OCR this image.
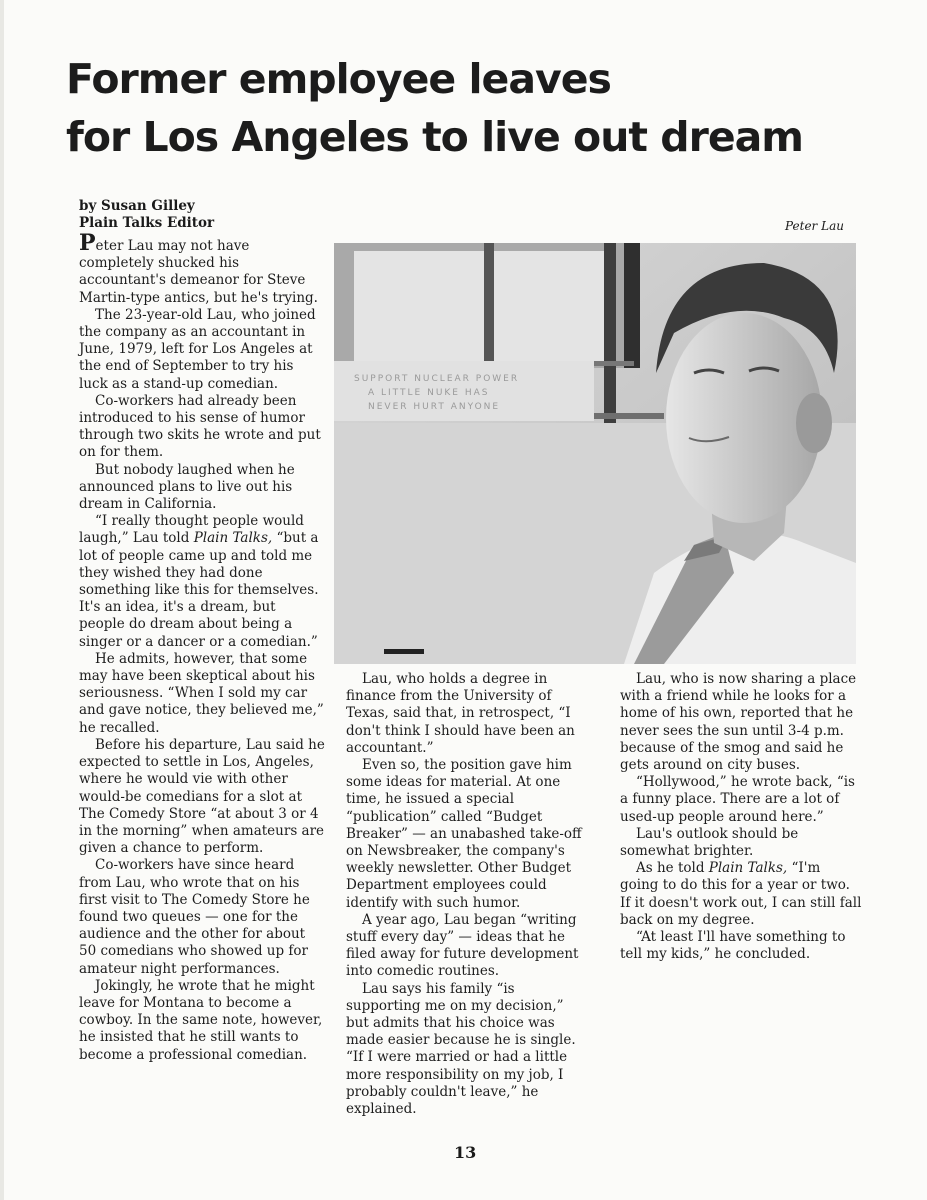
Former employee leaves
for Los Angeles to live out dream
by Susan Gilley
Plain Talks Editor	Peter Lau
SUPPORT NUCLEAR POWER
A LITTLE NUKE HAS
NEVER HURT ANYONE

Peter Lau may not have completely shucked his accountant's demeanor for Steve Martin-type antics, but he's trying.

The 23-year-old Lau, who joined the company as an accountant in June, 1979, left for Los Angeles at the end of September to try his luck as a stand-up comedian.

Co-workers had already been introduced to his sense of humor through two skits he wrote and put on for them.

But nobody laughed when he announced plans to live out his dream in California.

“I really thought people would laugh,” Lau told Plain Talks, “but a lot of people came up and told me they wished they had done something like this for themselves. It's an idea, it's a dream, but people do dream about being a singer or a dancer or a comedian.”

He admits, however, that some may have been skeptical about his seriousness. “When I sold my car and gave notice, they believed me,” he recalled.

Before his departure, Lau said he expected to settle in Los, Angeles, where he would vie with other would-be comedians for a slot at The Comedy Store “at about 3 or 4 in the morning” when amateurs are given a chance to perform.

Co-workers have since heard from Lau, who wrote that on his first visit to The Comedy Store he found two queues — one for the audience and the other for about 50 comedians who showed up for amateur night performances.

Jokingly, he wrote that he might leave for Montana to become a cowboy. In the same note, however, he insisted that he still wants to become a professional comedian.

Lau, who holds a degree in finance from the University of Texas, said that, in retrospect, “I don't think I should have been an accountant.”

Even so, the position gave him some ideas for material. At one time, he issued a special “publication” called “Budget Breaker” — an unabashed take-off on Newsbreaker, the company's weekly newsletter. Other Budget Department employees could identify with such humor.

A year ago, Lau began “writing stuff every day” — ideas that he filed away for future development into comedic routines.

Lau says his family “is supporting me on my decision,” but admits that his choice was made easier because he is single. “If I were married or had a little more responsibility on my job, I probably couldn't leave,” he explained.

Lau, who is now sharing a place with a friend while he looks for a home of his own, reported that he never sees the sun until 3-4 p.m. because of the smog and said he gets around on city buses.

“Hollywood,” he wrote back, “is a funny place. There are a lot of used-up people around here.”

Lau's outlook should be somewhat brighter.

As he told Plain Talks, “I'm going to do this for a year or two. If it doesn't work out, I can still fall back on my degree.

“At least I'll have something to tell my kids,” he concluded.

13
